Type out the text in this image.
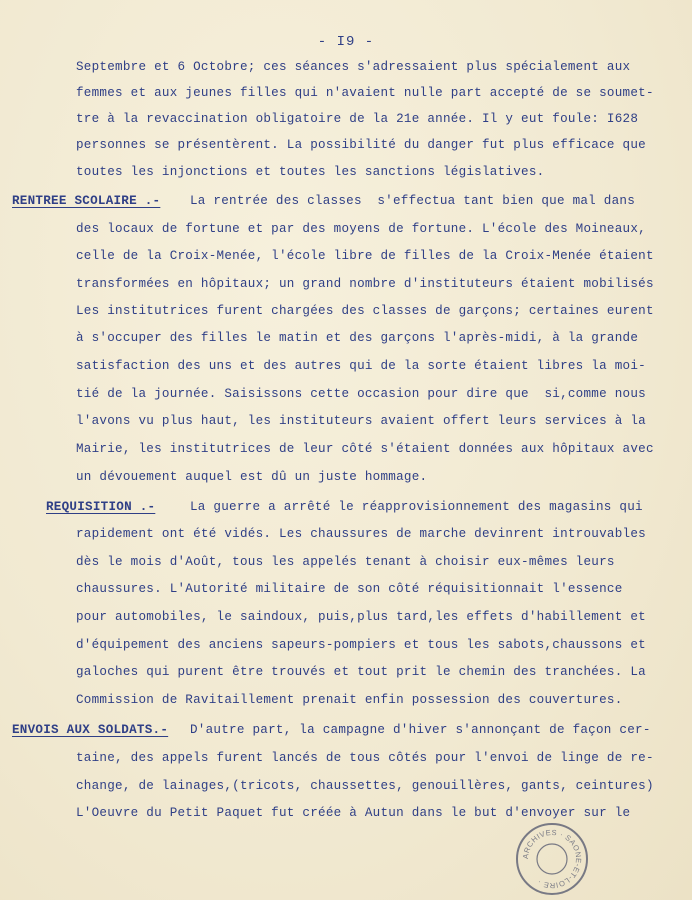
- I9 -
Septembre et 6 Octobre; ces séances s'adressaient plus spécialement aux
femmes et aux jeunes filles qui n'avaient nulle part accepté de se soumet-
tre à la revaccination obligatoire de la 21e année. Il y eut foule: I628
personnes se présentèrent. La possibilité du danger fut plus efficace que
toutes les injonctions et toutes les sanctions législatives.

RENTREE SCOLAIRE .-

La rentrée des classes  s'effectua tant bien que mal dans

des locaux de fortune et par des moyens de fortune. L'école des Moineaux,
celle de la Croix-Menée, l'école libre de filles de la Croix-Menée étaient
transformées en hôpitaux; un grand nombre d'instituteurs étaient mobilisés
Les institutrices furent chargées des classes de garçons; certaines eurent
à s'occuper des filles le matin et des garçons l'après-midi, à la grande
satisfaction des uns et des autres qui de la sorte étaient libres la moi-
tié de la journée. Saisissons cette occasion pour dire que  si,comme nous
l'avons vu plus haut, les instituteurs avaient offert leurs services à la
Mairie, les institutrices de leur côté s'étaient données aux hôpitaux avec
un dévouement auquel est dû un juste hommage.

REQUISITION .-

	La guerre a arrêté le réapprovisionnement des magasins qui

rapidement ont été vidés. Les chaussures de marche devinrent introuvables
dès le mois d'Août, tous les appelés tenant à choisir eux-mêmes leurs
chaussures. L'Autorité militaire de son côté réquisitionnait l'essence
pour automobiles, le saindoux, puis,plus tard,les effets d'habillement et
d'équipement des anciens sapeurs-pompiers et tous les sabots,chaussons et
galoches qui purent être trouvés et tout prit le chemin des tranchées. La
Commission de Ravitaillement prenait enfin possession des couvertures.

ENVOIS AUX SOLDATS.-

D'autre part, la campagne d'hiver s'annonçant de façon cer-

taine, des appels furent lancés de tous côtés pour l'envoi de linge de re-
change, de lainages,(tricots, chaussettes, genouillères, gants, ceintures)
L'Oeuvre du Petit Paquet fut créée à Autun dans le but d'envoyer sur le
ARCHIVES · SAONE-ET-LOIRE ·
